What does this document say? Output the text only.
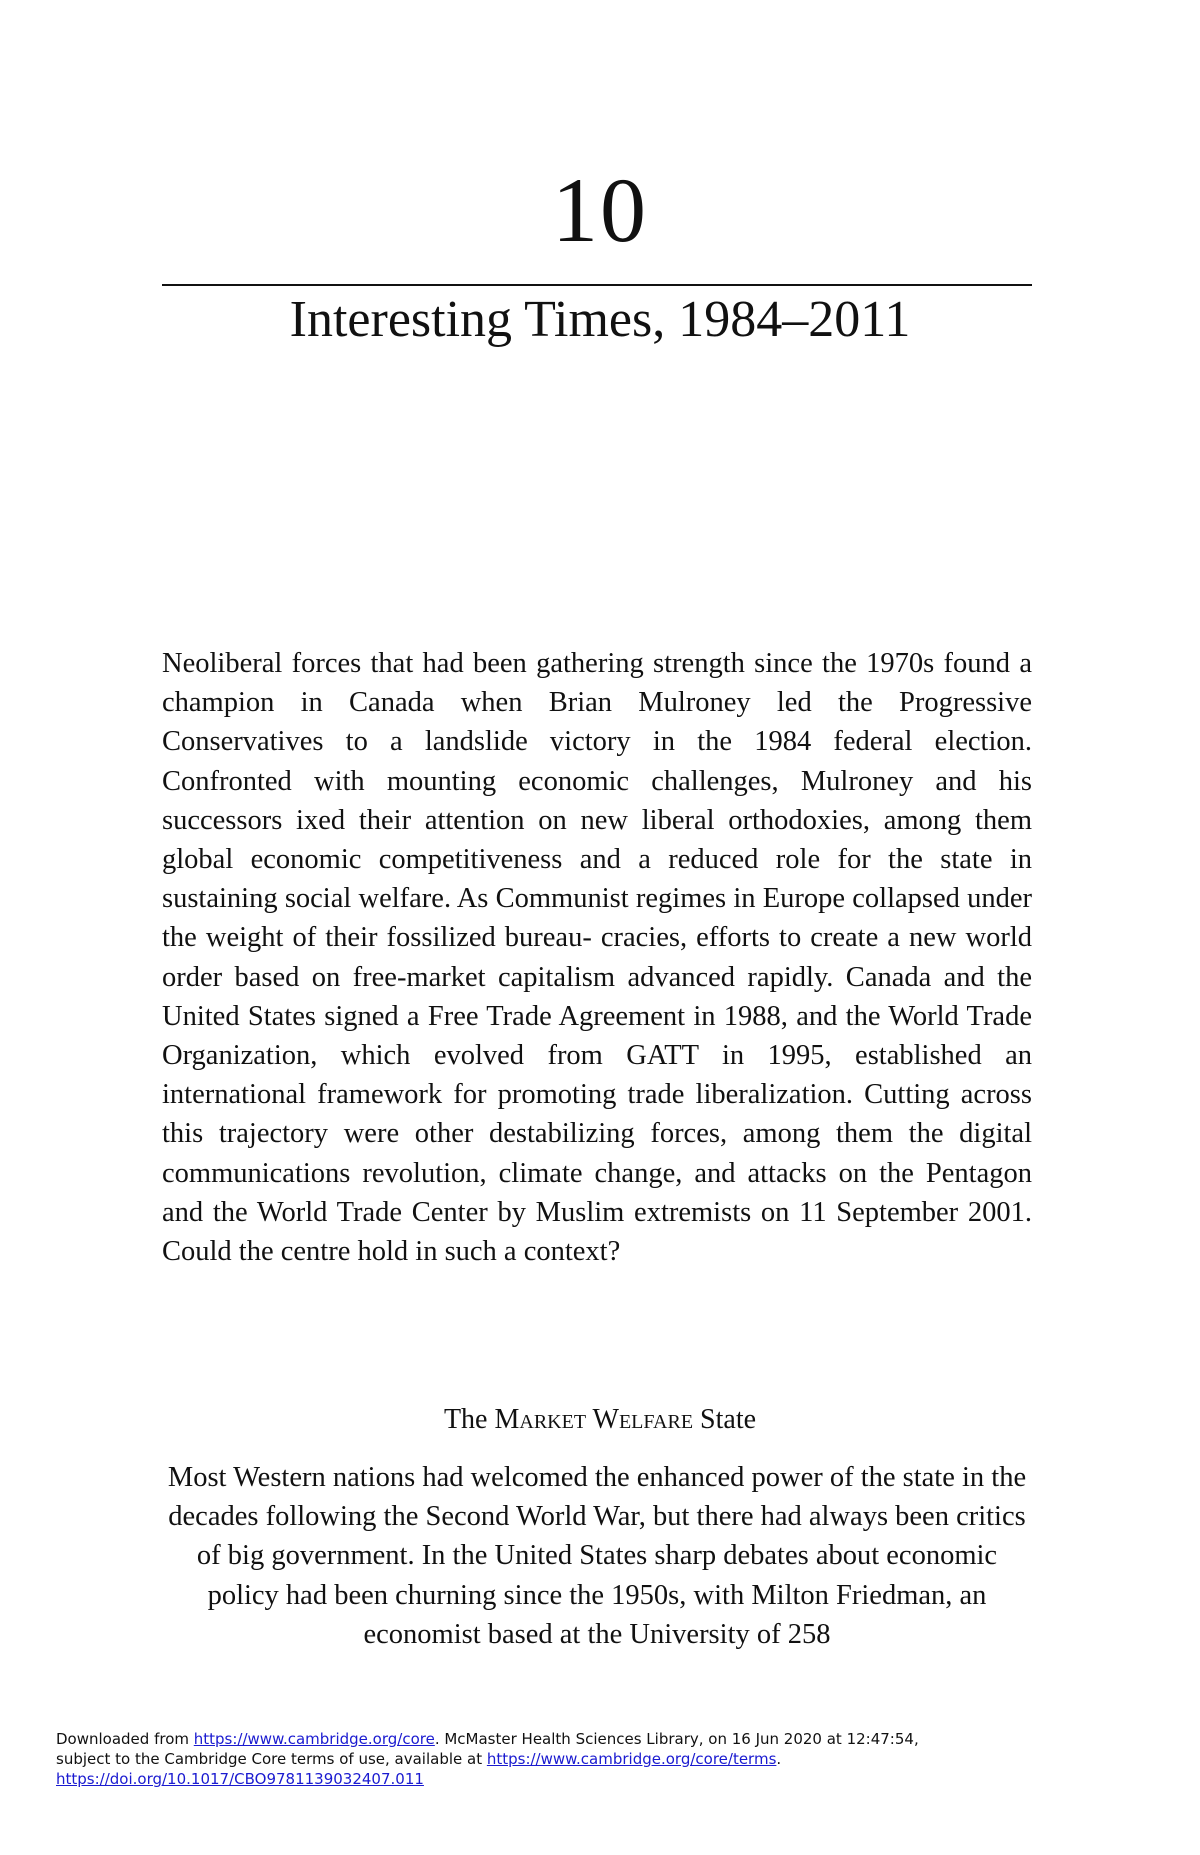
10
Interesting Times, 1984–2011

Neoliberal forces that had been gathering strength since the 1970s found a champion in Canada when Brian Mulroney led the Progressive Conservatives to a landslide victory in the 1984 federal election. Confronted with mounting economic challenges, Mulroney and his successors ixed their attention on new liberal orthodoxies, among them global economic competitiveness and a reduced role for the state in sustaining social welfare. As Communist regimes in Europe collapsed under the weight of their fossilized bureau- cracies, efforts to create a new world order based on free-market capitalism advanced rapidly. Canada and the United States signed a Free Trade Agreement in 1988, and the World Trade Organization, which evolved from GATT in 1995, established an international framework for promoting trade liberalization. Cutting across this trajectory were other destabilizing forces, among them the digital communications revolution, climate change, and attacks on the Pentagon and the World Trade Center by Muslim extremists on 11 September 2001. Could the centre hold in such a context?

The Market Welfare State

Most Western nations had welcomed the enhanced power of the state in the decades following the Second World War, but there had always been critics of big government. In the United States sharp debates about economic policy had been churning since the 1950s, with Milton Friedman, an economist based at the University of 258

Downloaded from https://www.cambridge.org/core. McMaster Health Sciences Library, on 16 Jun 2020 at 12:47:54,
subject to the Cambridge Core terms of use, available at https://www.cambridge.org/core/terms.
https://doi.org/10.1017/CBO9781139032407.011
